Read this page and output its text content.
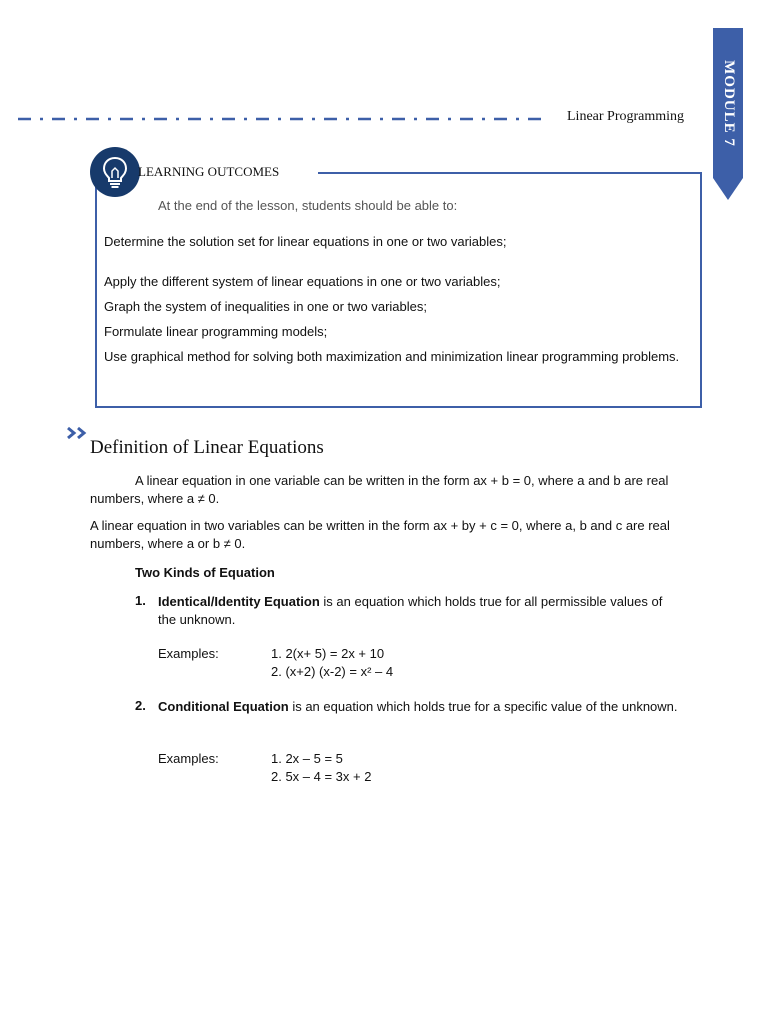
Linear Programming MODULE 7
LEARNING OUTCOMES
At the end of the lesson, students should be able to:
Determine the solution set for linear equations in one or two variables;
Apply the different system of linear equations in one or two variables;
Graph the system of inequalities in one or two variables;
Formulate linear programming models;
Use graphical method for solving both maximization and minimization linear programming problems.
Definition of Linear Equations
A linear equation in one variable can be written in the form ax + b = 0, where a and b are real numbers, where a ≠ 0.
A linear equation in two variables can be written in the form ax + by + c = 0, where a, b and c are real numbers, where a or b ≠ 0.
Two Kinds of Equation
1. Identical/Identity Equation is an equation which holds true for all permissible values of the unknown.
Examples:	1. 2(x+ 5) = 2x + 10
2. (x+2) (x-2) = x² – 4
2. Conditional Equation is an equation which holds true for a specific value of the unknown.
Examples:	1. 2x – 5 = 5
2. 5x – 4 = 3x + 2
